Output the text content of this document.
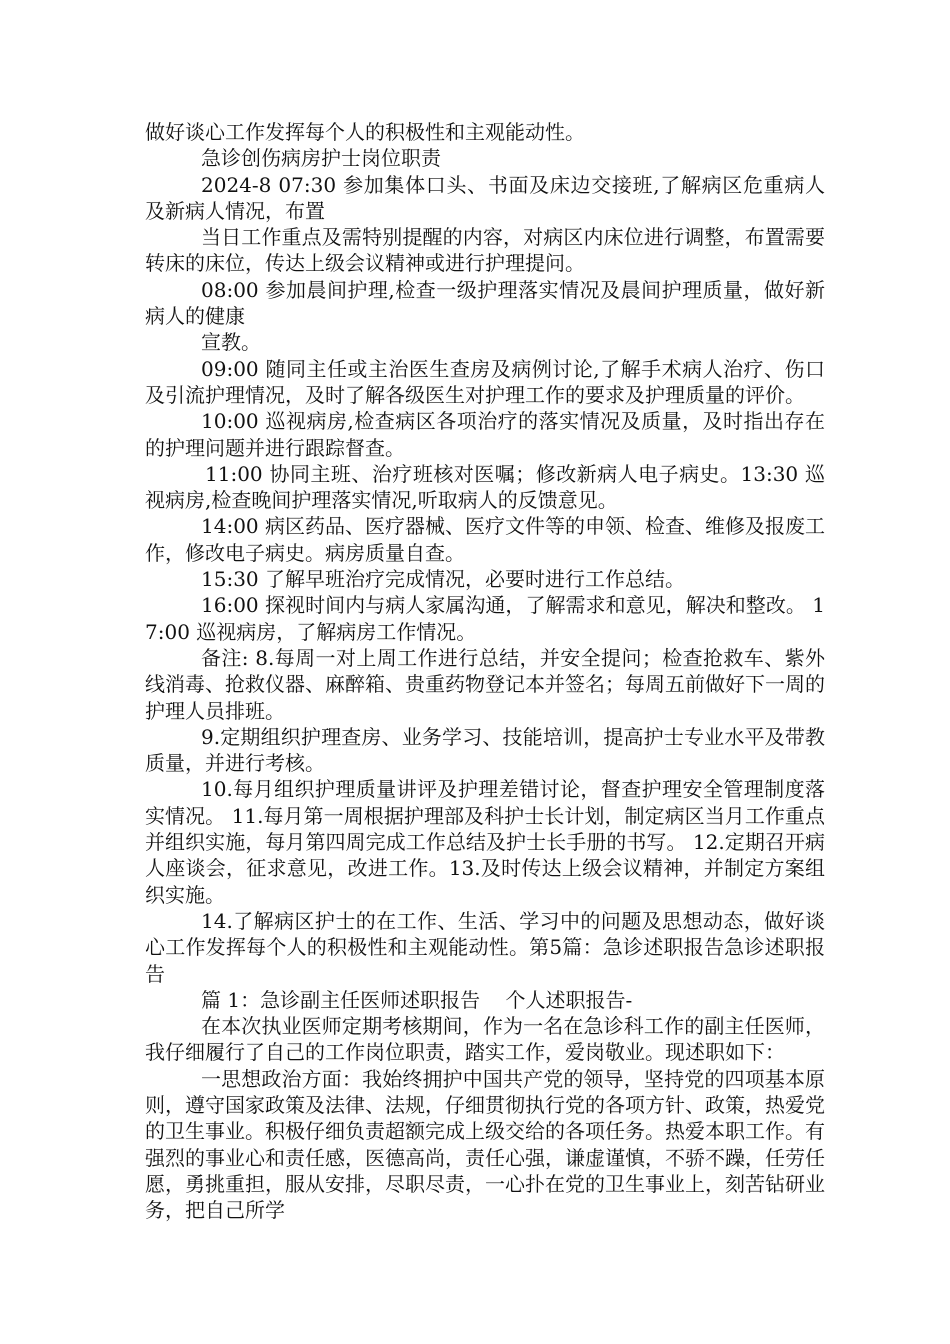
做好谈心工作发挥每个人的积极性和主观能动性。

急诊创伤病房护士岗位职责

2024-8 07:30 参加集体口头、书面及床边交接班,了解病区危重病人及新病人情况，布置

当日工作重点及需特别提醒的内容，对病区内床位进行调整，布置需要转床的床位，传达上级会议精神或进行护理提问。

08:00 参加晨间护理,检查一级护理落实情况及晨间护理质量，做好新病人的健康

宣教。

09:00 随同主任或主治医生查房及病例讨论,了解手术病人治疗、伤口及引流护理情况，及时了解各级医生对护理工作的要求及护理质量的评价。

10:00 巡视病房,检查病区各项治疗的落实情况及质量，及时指出存在的护理问题并进行跟踪督查。

11:00 协同主班、治疗班核对医嘱；修改新病人电子病史。13:30 巡视病房,检查晚间护理落实情况,听取病人的反馈意见。

14:00 病区药品、医疗器械、医疗文件等的申领、检查、维修及报废工作，修改电子病史。病房质量自查。

15:30 了解早班治疗完成情况，必要时进行工作总结。

16:00 探视时间内与病人家属沟通，了解需求和意见，解决和整改。 17:00 巡视病房，了解病房工作情况。

备注: 8.每周一对上周工作进行总结，并安全提问；检查抢救车、紫外线消毒、抢救仪器、麻醉箱、贵重药物登记本并签名；每周五前做好下一周的护理人员排班。

9.定期组织护理查房、业务学习、技能培训，提高护士专业水平及带教质量，并进行考核。

10.每月组织护理质量讲评及护理差错讨论，督查护理安全管理制度落实情况。 11.每月第一周根据护理部及科护士长计划，制定病区当月工作重点并组织实施，每月第四周完成工作总结及护士长手册的书写。 12.定期召开病人座谈会，征求意见，改进工作。13.及时传达上级会议精神，并制定方案组织实施。

14.了解病区护士的在工作、生活、学习中的问题及思想动态，做好谈心工作发挥每个人的积极性和主观能动性。第5篇：急诊述职报告急诊述职报告

篇 1：急诊副主任医师述职报告    个人述职报告-

在本次执业医师定期考核期间，作为一名在急诊科工作的副主任医师，我仔细履行了自己的工作岗位职责，踏实工作，爱岗敬业。现述职如下：

一思想政治方面：我始终拥护中国共产党的领导，坚持党的四项基本原则，遵守国家政策及法律、法规，仔细贯彻执行党的各项方针、政策，热爱党的卫生事业。积极仔细负责超额完成上级交给的各项任务。热爱本职工作。有强烈的事业心和责任感，医德高尚，责任心强，谦虚谨慎，不骄不躁，任劳任愿，勇挑重担，服从安排，尽职尽责，一心扑在党的卫生事业上，刻苦钻研业务，把自己所学
